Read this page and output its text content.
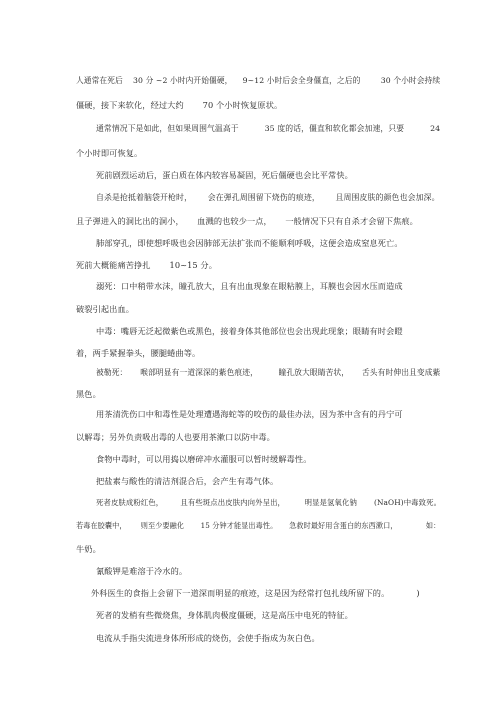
人通常在死后    30 分 ~2 小时内开始僵硬，    9~12 小时后会全身僵直，之后的        30 个小时会持续
僵硬，接下来软化，经过大约       70 个小时恢复原状。
通常情况下是如此，但如果周围气温高于          35 度的话，僵直和软化都会加速，只要          24
个小时即可恢复。
死前剧烈运动后，蛋白质在体内较容易凝固，死后僵硬也会比平常快。
自杀是抢抵着脑袋开枪时，      会在弹孔周围留下烧伤的痕迹，      且周围皮肤的颜色也会加深。
且子弹进入的洞比出的洞小，     血溅的也较少一点，     一般情况下只有自杀才会留下焦痕。
肺部穿孔，即使想呼吸也会因肺部无法扩张而不能顺利呼吸，这便会造成窒息死亡。
死前大概能痛苦挣扎       10~15 分。
溺死：口中稍带水沫，瞳孔放大，且有出血现象在眼粘膜上，耳膜也会因水压而造成
破裂引起出血。
中毒：嘴唇无泛起微紫色或黑色，接着身体其他部位也会出现此现象；眼睛有时会瞪
着，两手紧握拳头，腰腿蜷曲等。
被勒死：     喉部明显有一道深深的紫色痕迹，        瞳孔放大眼睛苦状，     舌头有时伸出且变成紫
黑色。
用茶清洗伤口中和毒性是处理遭遇海蛇等的咬伤的最佳办法，因为茶中含有的丹宁可
以解毒；另外负责吸出毒的人也要用茶漱口以防中毒。
食物中毒时，可以用捣以磨碎冲水灌服可以暂时缓解毒性。
把盐素与酸性的清洁剂混合后，会产生有毒气体。
死者皮肤成粉红色，       且有些斑点出皮肤内向外呈出，        明显是氢氧化钠       (NaOH)中毒致死。
若毒在胶囊中，      则至少要融化       15 分钟才能显出毒性。     急救时最好用含蛋白的东西漱口，            如：
牛奶。
氰酸钾是难溶于冷水的。
外科医生的食指上会留下一道深而明显的痕迹，这是因为经常打包扎线所留下的。          )
死者的发梢有些微烧焦，身体肌肉极度僵硬，这是高压中电死的特征。
电流从手指尖流进身体所形成的烧伤，会使手指成为灰白色。
